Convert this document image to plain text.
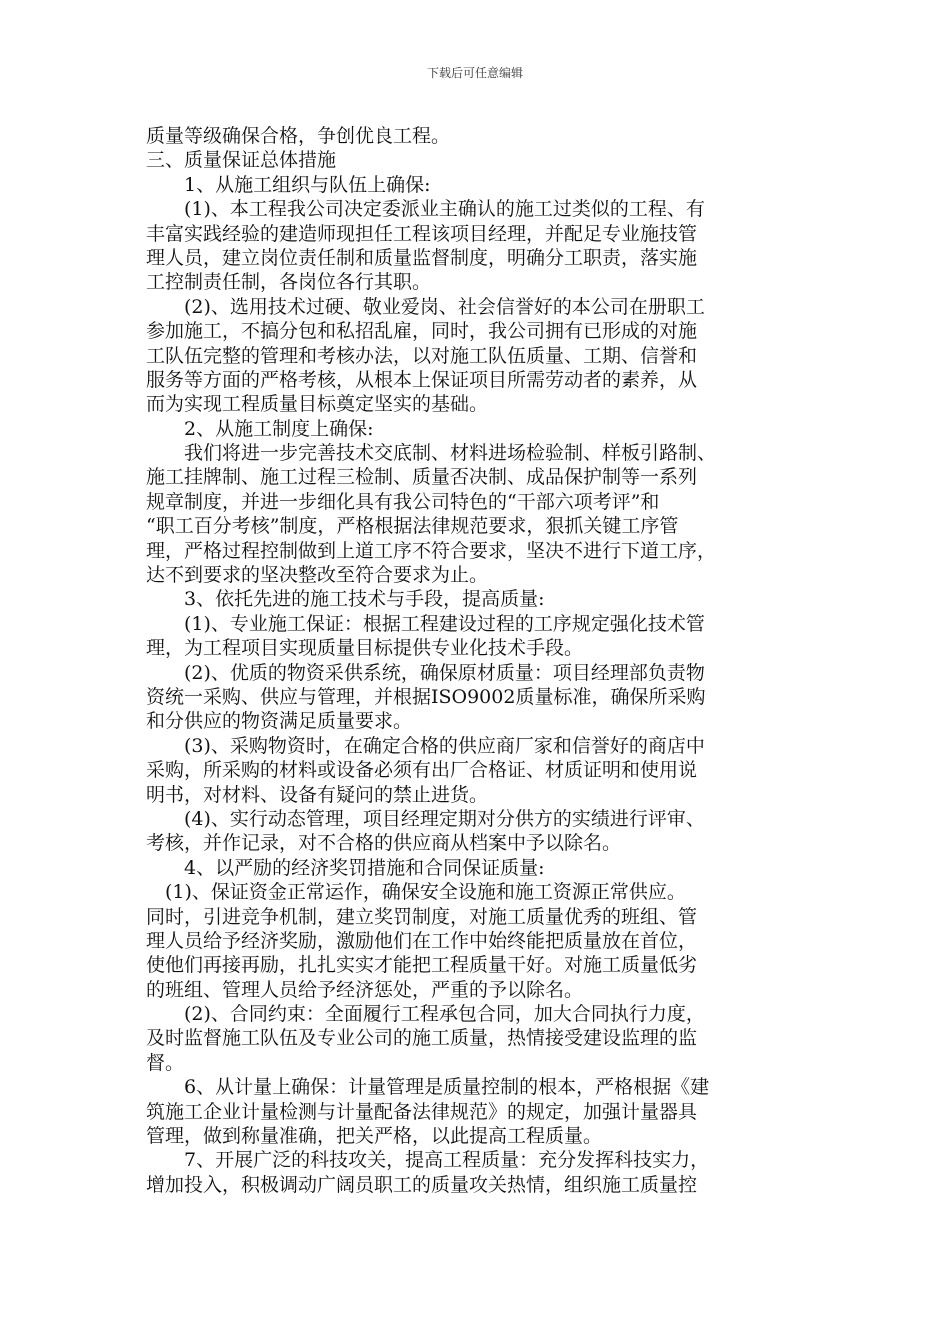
下载后可任意编辑
质量等级确保合格，争创优良工程。
三、质量保证总体措施
　　1、从施工组织与队伍上确保:
　　(1)、本工程我公司决定委派业主确认的施工过类似的工程、有
丰富实践经验的建造师现担任工程该项目经理，并配足专业施技管
理人员，建立岗位责任制和质量监督制度，明确分工职责，落实施
工控制责任制，各岗位各行其职。
　　(2)、选用技术过硬、敬业爱岗、社会信誉好的本公司在册职工
参加施工，不搞分包和私招乱雇，同时，我公司拥有已形成的对施
工队伍完整的管理和考核办法，以对施工队伍质量、工期、信誉和
服务等方面的严格考核，从根本上保证项目所需劳动者的素养，从
而为实现工程质量目标奠定坚实的基础。
　　2、从施工制度上确保:
　　我们将进一步完善技术交底制、材料进场检验制、样板引路制、
施工挂牌制、施工过程三检制、质量否决制、成品保护制等一系列
规章制度，并进一步细化具有我公司特色的“干部六项考评”和
“职工百分考核”制度，严格根据法律规范要求，狠抓关键工序管
理，严格过程控制做到上道工序不符合要求，坚决不进行下道工序，
达不到要求的坚决整改至符合要求为止。
　　3、依托先进的施工技术与手段，提高质量:
　　(1)、专业施工保证：根据工程建设过程的工序规定强化技术管
理，为工程项目实现质量目标提供专业化技术手段。
　　(2)、优质的物资采供系统，确保原材质量：项目经理部负责物
资统一采购、供应与管理，并根据ISO9002质量标准，确保所采购
和分供应的物资满足质量要求。
　　(3)、采购物资时，在确定合格的供应商厂家和信誉好的商店中
采购，所采购的材料或设备必须有出厂合格证、材质证明和使用说
明书，对材料、设备有疑问的禁止进货。
　　(4)、实行动态管理，项目经理定期对分供方的实绩进行评审、
考核，并作记录，对不合格的供应商从档案中予以除名。
　　4、以严励的经济奖罚措施和合同保证质量:
　(1)、保证资金正常运作，确保安全设施和施工资源正常供应。
同时，引进竞争机制，建立奖罚制度，对施工质量优秀的班组、管
理人员给予经济奖励，激励他们在工作中始终能把质量放在首位，
使他们再接再励，扎扎实实才能把工程质量干好。对施工质量低劣
的班组、管理人员给予经济惩处，严重的予以除名。
　　(2)、合同约束：全面履行工程承包合同，加大合同执行力度，
及时监督施工队伍及专业公司的施工质量，热情接受建设监理的监
督。
　　6、从计量上确保：计量管理是质量控制的根本，严格根据《建
筑施工企业计量检测与计量配备法律规范》的规定，加强计量器具
管理，做到称量准确，把关严格，以此提高工程质量。
　　7、开展广泛的科技攻关，提高工程质量：充分发挥科技实力，
增加投入，积极调动广阔员职工的质量攻关热情，组织施工质量控
